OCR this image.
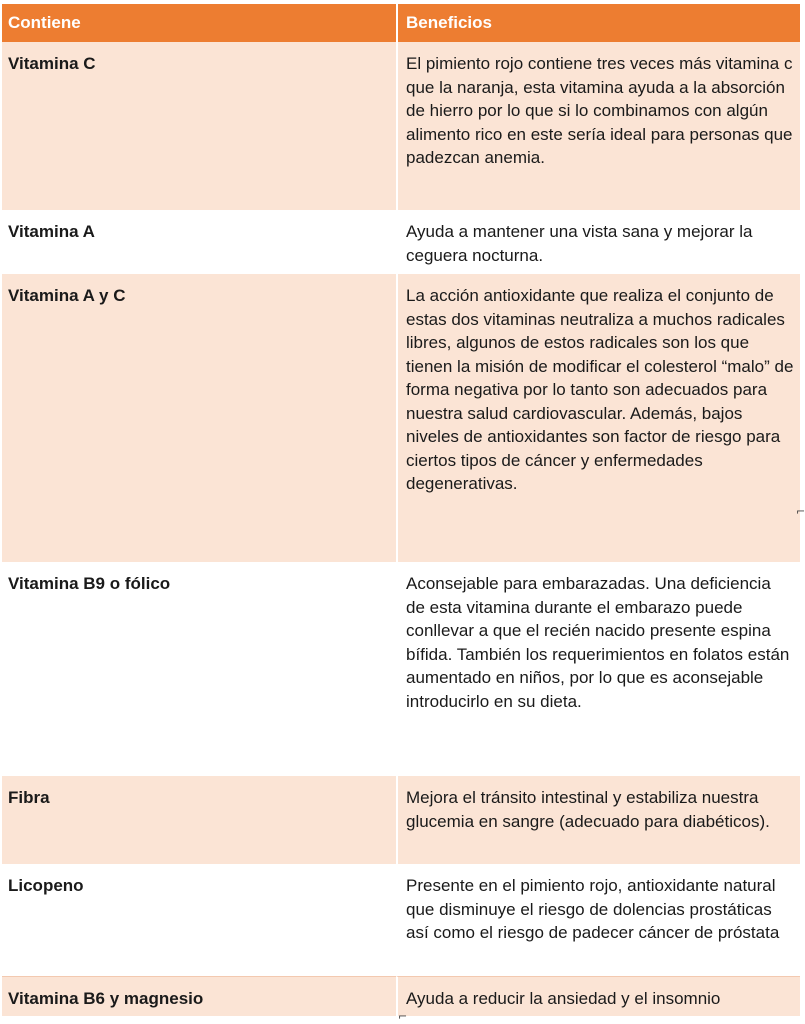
Contiene	Beneficios
Vitamina C	El pimiento rojo contiene tres veces más vitamina c que la naranja, esta vitamina ayuda a la absorción de hierro por lo que si lo combinamos con algún alimento rico en este sería ideal para personas que padezcan anemia.
Vitamina A	Ayuda a mantener una vista sana y mejorar la ceguera nocturna.
Vitamina A y C	La acción antioxidante que realiza el conjunto de estas dos vitaminas neutraliza a muchos radicales libres, algunos de estos radicales son los que tienen la misión de modificar el colesterol “malo” de forma negativa por lo tanto son adecuados para nuestra salud cardiovascular. Además, bajos niveles de antioxidantes son factor de riesgo para ciertos tipos de cáncer y enfermedades degenerativas.
Vitamina B9 o fólico	Aconsejable para embarazadas. Una deficiencia de esta vitamina durante el embarazo puede conllevar a que el recién nacido presente espina bífida. También los requerimientos en folatos están aumentado en niños, por lo que es aconsejable introducirlo en su dieta.
Fibra	Mejora el tránsito intestinal y estabiliza nuestra glucemia en sangre (adecuado para diabéticos).
Licopeno	Presente en el pimiento rojo, antioxidante natural que disminuye el riesgo de dolencias prostáticas así como el riesgo de padecer cáncer de próstata
Vitamina B6 y magnesio	Ayuda a reducir la ansiedad y el insomnio
⌐
⌐
